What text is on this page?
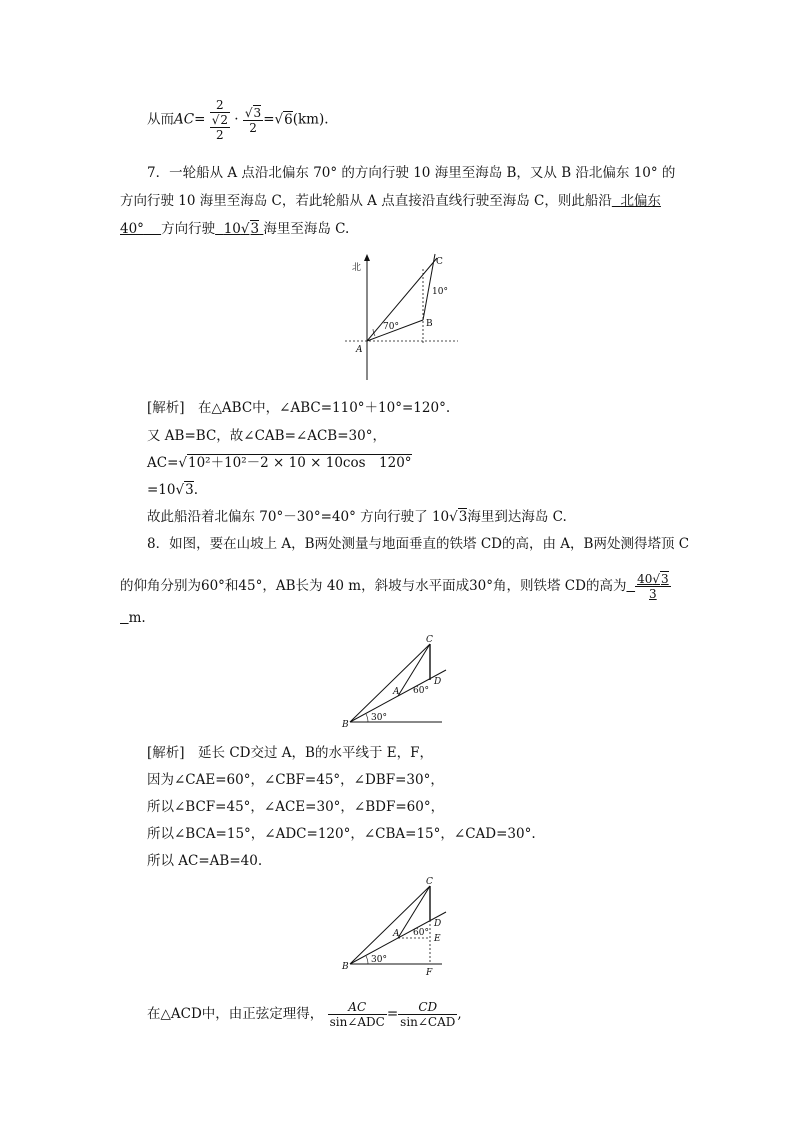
从而AC=
2
√2
2
· $\frac{√3}{2} =√6(km)$.
7．一轮船从 A 点沿北偏东 70° 的方向行驶 10 海里至海岛 B，又从 B 沿北偏东 10° 的
方向行驶 10 海里至海岛 C，若此轮船从 A 点直接沿直线行驶至海岛 C，则此船沿 北偏东
40° 方向行驶 10√3 海里至海岛 C.
北
A
B
C
70°
10°
[解析]　在△ABC中，∠ABC=110°＋10°=120°.
又 AB=BC，故∠CAB=∠ACB=30°，
AC=√10²＋10²－2 × 10 × 10cos　120°
=10√3.
故此船沿着北偏东 70°－30°=40° 方向行驶了 10√3海里到达海岛 C.
8．如图，要在山坡上 A，B两处测量与地面垂直的铁塔 CD的高，由 A，B两处测得塔顶 C
的仰角分别为60°和45°，AB长为 40 m，斜坡与水平面成30°角，则铁塔 CD的高为 $\frac{40√3}{3}$
m.
B
A
C
D
60°
30°
[解析]　延长 CD交过 A，B的水平线于 E，F，
因为∠CAE=60°，∠CBF=45°，∠DBF=30°，
所以∠BCF=45°，∠ACE=30°，∠BDF=60°，
所以∠BCA=15°，∠ADC=120°，∠CBA=15°，∠CAD=30°.
所以 AC=AB=40.
B
A
C
D
E
F
60°
30°
在△ACD中，由正弦定理得， $\frac{AC}{\text{sin∠ADC}} = \frac{CD}{\text{sin∠CAD}}$ ,
